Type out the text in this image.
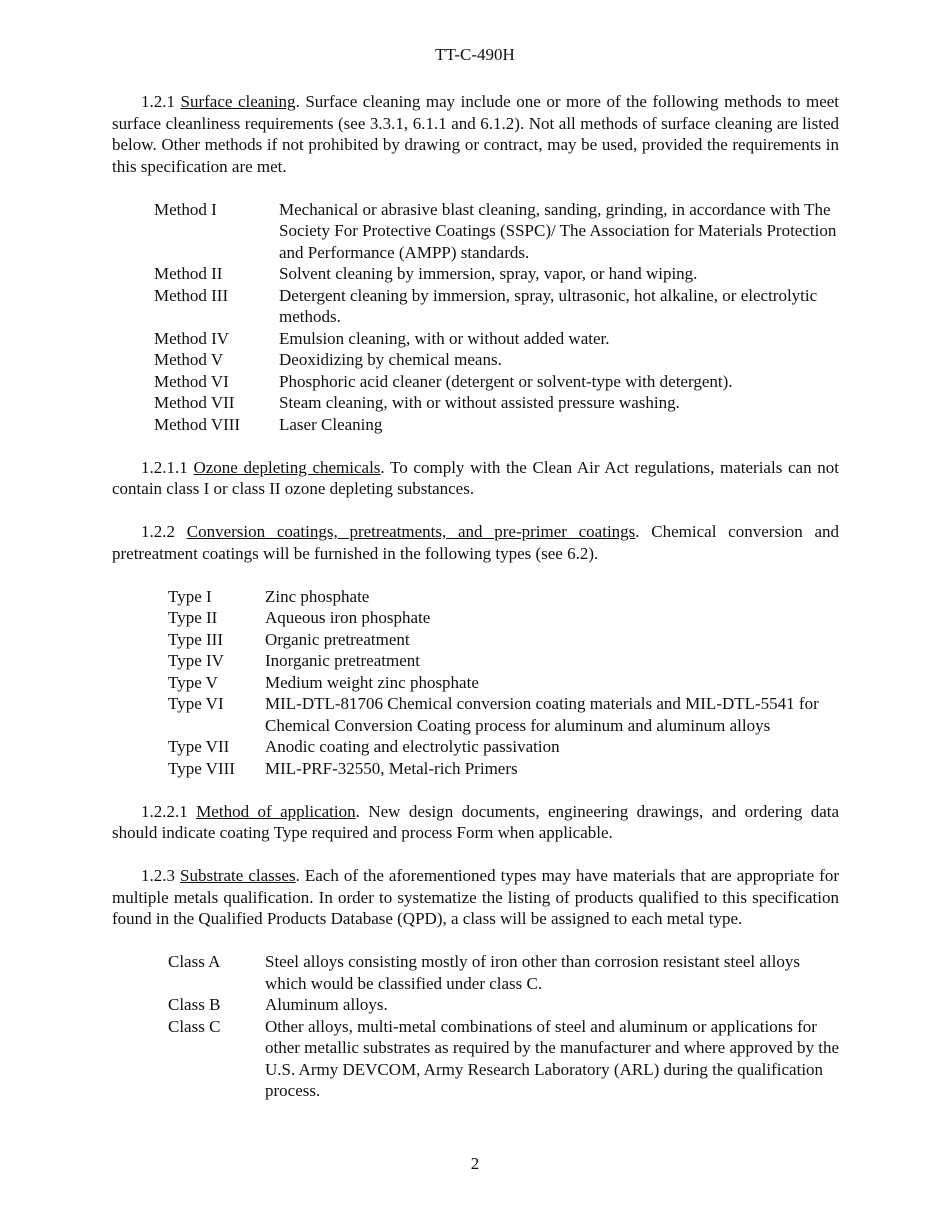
TT-C-490H

1.2.1 Surface cleaning. Surface cleaning may include one or more of the following methods to meet surface cleanliness requirements (see 3.3.1, 6.1.1 and 6.1.2). Not all methods of surface cleaning are listed below. Other methods if not prohibited by drawing or contract, may be used, provided the requirements in this specification are met.

Method I	Mechanical or abrasive blast cleaning, sanding, grinding, in accordance with The Society For Protective Coatings (SSPC)/ The Association for Materials Protection and Performance (AMPP) standards.
Method II	Solvent cleaning by immersion, spray, vapor, or hand wiping.
Method III	Detergent cleaning by immersion, spray, ultrasonic, hot alkaline, or electrolytic methods.
Method IV	Emulsion cleaning, with or without added water.
Method V	Deoxidizing by chemical means.
Method VI	Phosphoric acid cleaner (detergent or solvent-type with detergent).
Method VII	Steam cleaning, with or without assisted pressure washing.
Method VIII	Laser Cleaning

1.2.1.1 Ozone depleting chemicals. To comply with the Clean Air Act regulations, materials can not contain class I or class II ozone depleting substances.

1.2.2 Conversion coatings, pretreatments, and pre-primer coatings. Chemical conversion and pretreatment coatings will be furnished in the following types (see 6.2).

Type I	Zinc phosphate
Type II	Aqueous iron phosphate
Type III	Organic pretreatment
Type IV	Inorganic pretreatment
Type V	Medium weight zinc phosphate
Type VI	MIL-DTL-81706 Chemical conversion coating materials and MIL-DTL-5541 for Chemical Conversion Coating process for aluminum and aluminum alloys
Type VII	Anodic coating and electrolytic passivation
Type VIII	MIL-PRF-32550, Metal-rich Primers

1.2.2.1 Method of application. New design documents, engineering drawings, and ordering data should indicate coating Type required and process Form when applicable.

1.2.3 Substrate classes. Each of the aforementioned types may have materials that are appropriate for multiple metals qualification. In order to systematize the listing of products qualified to this specification found in the Qualified Products Database (QPD), a class will be assigned to each metal type.

Class A	Steel alloys consisting mostly of iron other than corrosion resistant steel alloys which would be classified under class C.
Class B	Aluminum alloys.
Class C	Other alloys, multi-metal combinations of steel and aluminum or applications for other metallic substrates as required by the manufacturer and where approved by the U.S. Army DEVCOM, Army Research Laboratory (ARL) during the qualification process.
2
